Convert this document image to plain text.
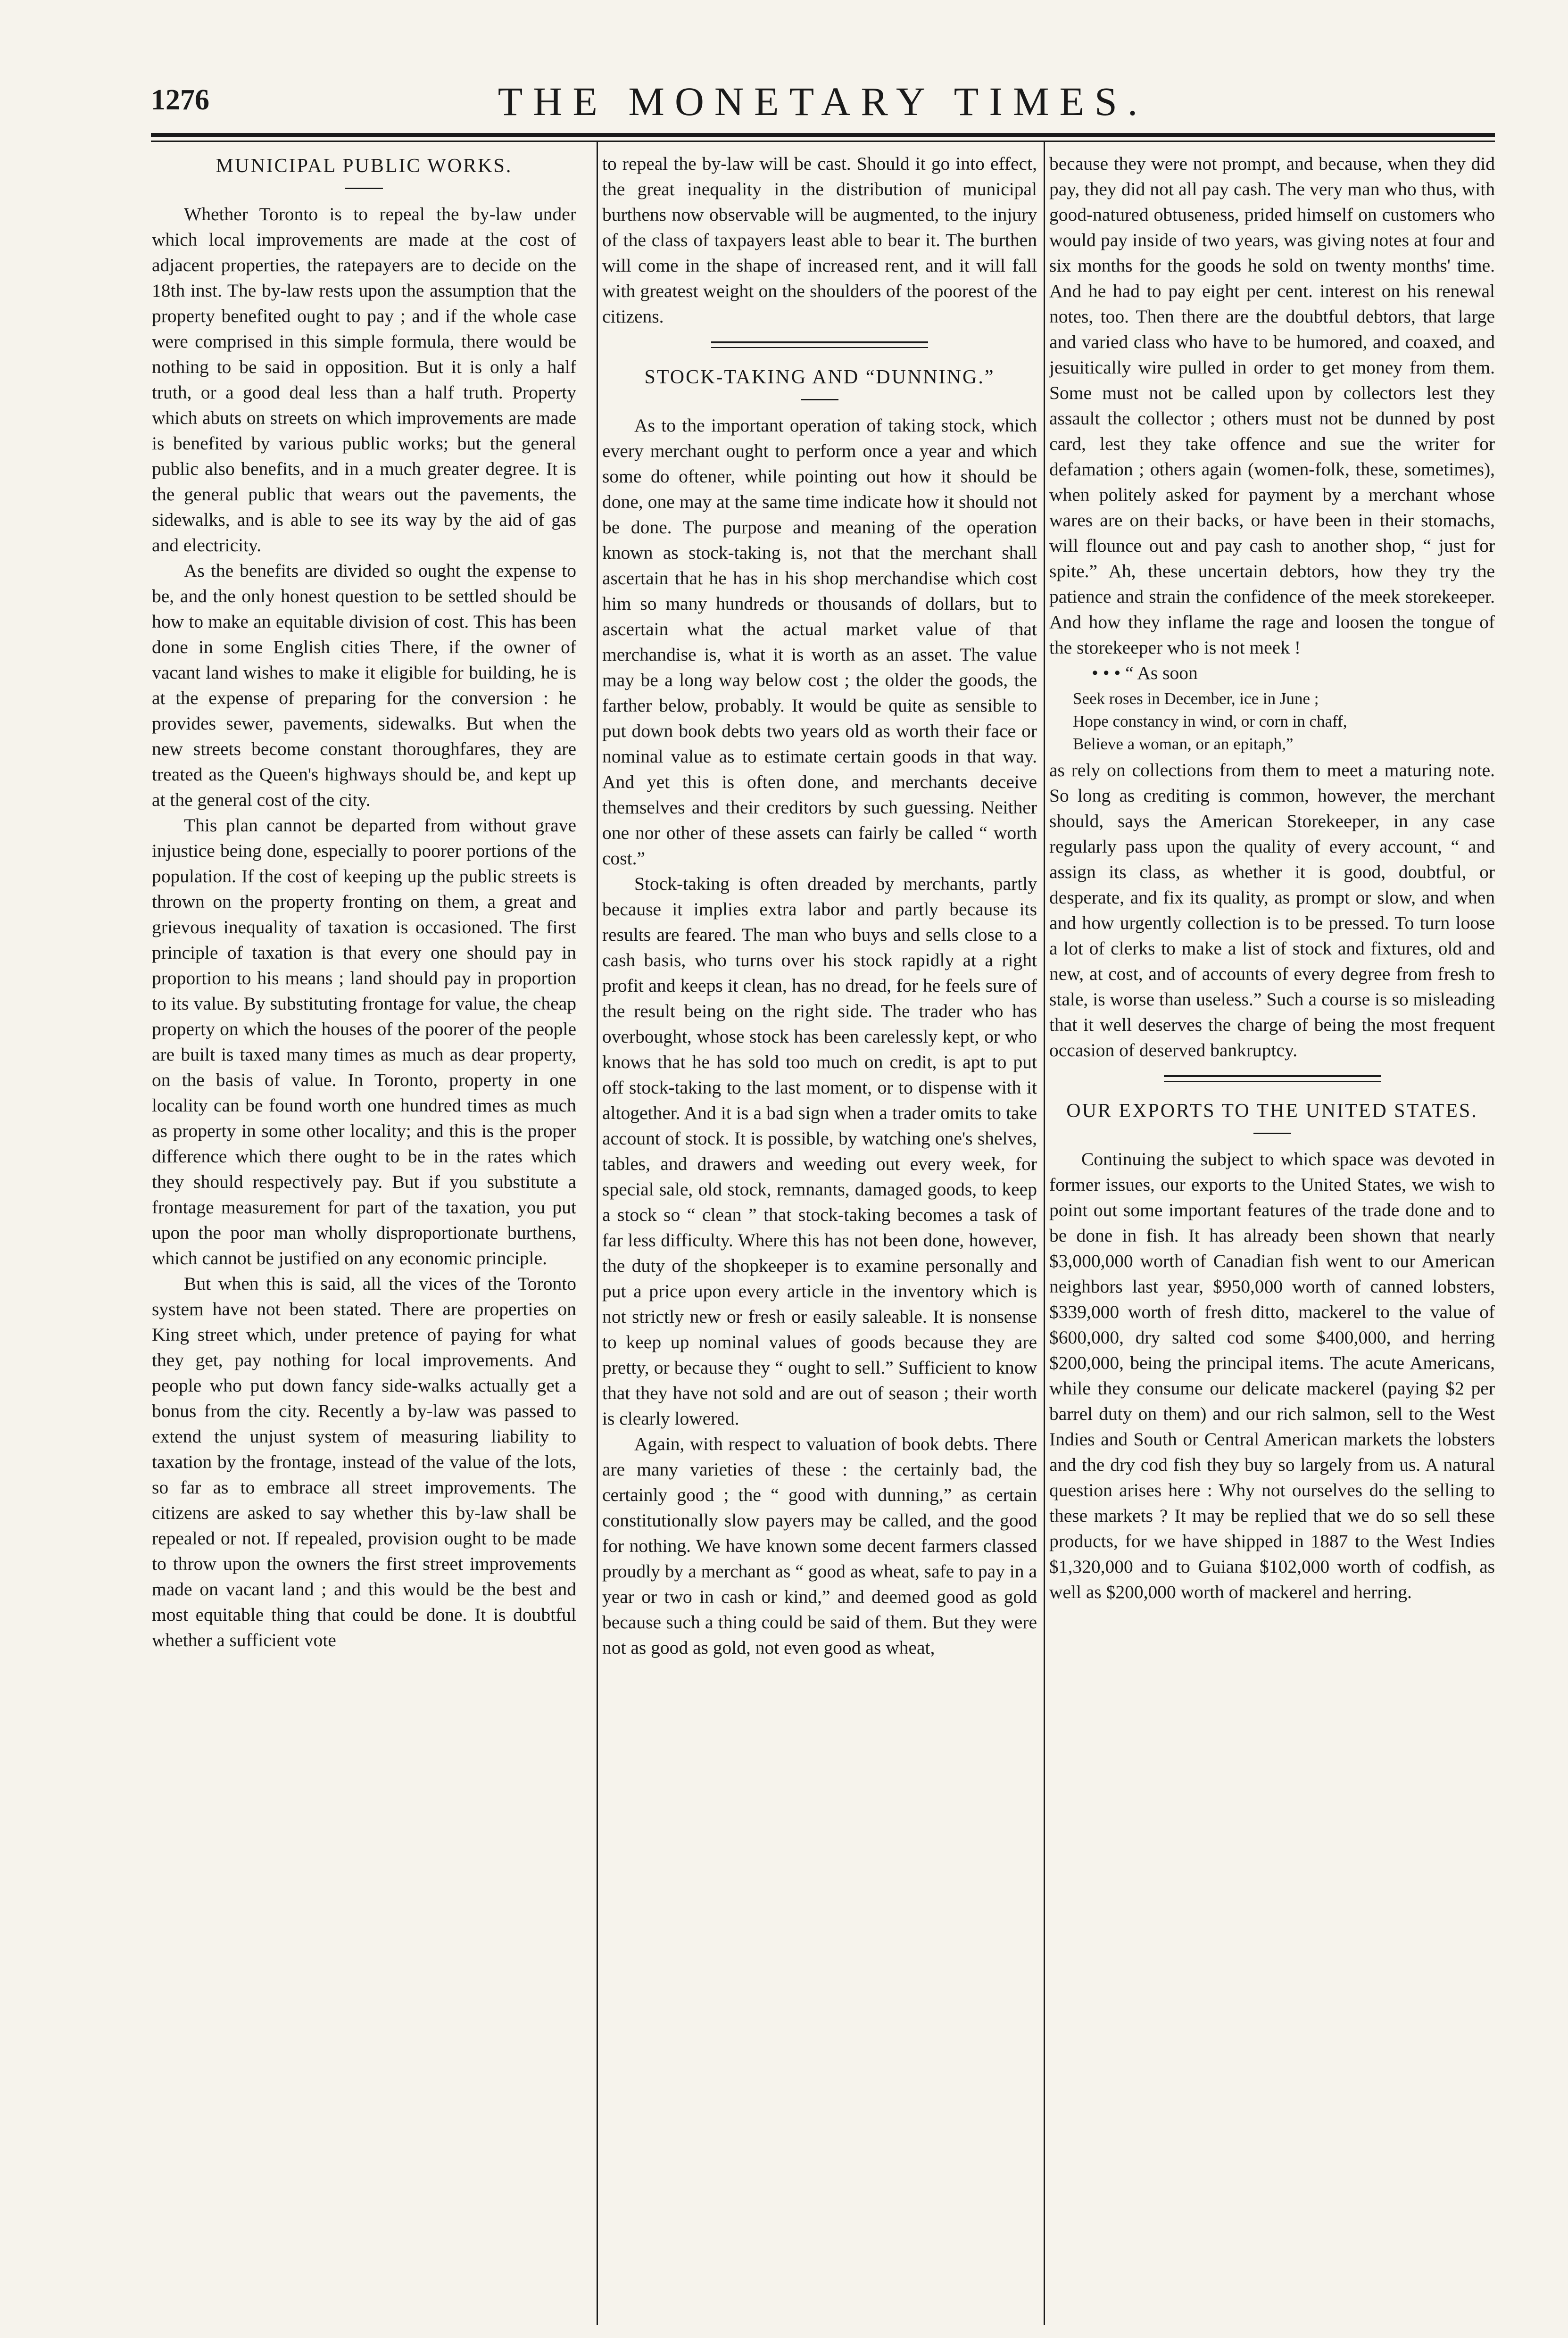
1276	THE MONETARY TIMES.
MUNICIPAL PUBLIC WORKS.

Whether Toronto is to repeal the by-law under which local improvements are made at the cost of adjacent properties, the ratepayers are to decide on the 18th inst. The by-law rests upon the assumption that the property benefited ought to pay ; and if the whole case were comprised in this simple formula, there would be nothing to be said in opposition. But it is only a half truth, or a good deal less than a half truth. Property which abuts on streets on which improvements are made is benefited by various public works; but the general public also benefits, and in a much greater degree. It is the general public that wears out the pavements, the sidewalks, and is able to see its way by the aid of gas and electricity.

As the benefits are divided so ought the expense to be, and the only honest question to be settled should be how to make an equitable division of cost. This has been done in some English cities There, if the owner of vacant land wishes to make it eligible for building, he is at the expense of preparing for the conversion : he provides sewer, pavements, sidewalks. But when the new streets become constant thoroughfares, they are treated as the Queen's highways should be, and kept up at the general cost of the city.

This plan cannot be departed from without grave injustice being done, especially to poorer portions of the population. If the cost of keeping up the public streets is thrown on the property fronting on them, a great and grievous inequality of taxation is occasioned. The first principle of taxation is that every one should pay in proportion to his means ; land should pay in proportion to its value. By substituting frontage for value, the cheap property on which the houses of the poorer of the people are built is taxed many times as much as dear property, on the basis of value. In Toronto, property in one locality can be found worth one hundred times as much as property in some other locality; and this is the proper difference which there ought to be in the rates which they should respectively pay. But if you substitute a frontage measurement for part of the taxation, you put upon the poor man wholly disproportionate burthens, which cannot be justified on any economic principle.

But when this is said, all the vices of the Toronto system have not been stated. There are properties on King street which, under pretence of paying for what they get, pay nothing for local improvements. And people who put down fancy side-walks actually get a bonus from the city. Recently a by-law was passed to extend the unjust system of measuring liability to taxation by the frontage, instead of the value of the lots, so far as to embrace all street improvements. The citizens are asked to say whether this by-law shall be repealed or not. If repealed, provision ought to be made to throw upon the owners the first street improvements made on vacant land ; and this would be the best and most equitable thing that could be done. It is doubtful whether a sufficient vote

to repeal the by-law will be cast. Should it go into effect, the great inequality in the distribution of municipal burthens now observable will be augmented, to the injury of the class of taxpayers least able to bear it. The burthen will come in the shape of increased rent, and it will fall with greatest weight on the shoulders of the poorest of the citizens.

STOCK-TAKING AND “DUNNING.”

As to the important operation of taking stock, which every merchant ought to perform once a year and which some do oftener, while pointing out how it should be done, one may at the same time indicate how it should not be done. The purpose and meaning of the operation known as stock-taking is, not that the merchant shall ascertain that he has in his shop merchandise which cost him so many hundreds or thousands of dollars, but to ascertain what the actual market value of that merchandise is, what it is worth as an asset. The value may be a long way below cost ; the older the goods, the farther below, probably. It would be quite as sensible to put down book debts two years old as worth their face or nominal value as to estimate certain goods in that way. And yet this is often done, and merchants deceive themselves and their creditors by such guessing. Neither one nor other of these assets can fairly be called “ worth cost.”

Stock-taking is often dreaded by merchants, partly because it implies extra labor and partly because its results are feared. The man who buys and sells close to a cash basis, who turns over his stock rapidly at a right profit and keeps it clean, has no dread, for he feels sure of the result being on the right side. The trader who has overbought, whose stock has been carelessly kept, or who knows that he has sold too much on credit, is apt to put off stock-taking to the last moment, or to dispense with it altogether. And it is a bad sign when a trader omits to take account of stock. It is possible, by watching one's shelves, tables, and drawers and weeding out every week, for special sale, old stock, remnants, damaged goods, to keep a stock so “ clean ” that stock-taking becomes a task of far less difficulty. Where this has not been done, however, the duty of the shopkeeper is to examine personally and put a price upon every article in the inventory which is not strictly new or fresh or easily saleable. It is nonsense to keep up nominal values of goods because they are pretty, or because they “ ought to sell.” Sufficient to know that they have not sold and are out of season ; their worth is clearly lowered.

Again, with respect to valuation of book debts. There are many varieties of these : the certainly bad, the certainly good ; the “ good with dunning,” as certain constitutionally slow payers may be called, and the good for nothing. We have known some decent farmers classed proudly by a merchant as “ good as wheat, safe to pay in a year or two in cash or kind,” and deemed good as gold because such a thing could be said of them. But they were not as good as gold, not even good as wheat,

because they were not prompt, and because, when they did pay, they did not all pay cash. The very man who thus, with good-natured obtuseness, prided himself on customers who would pay inside of two years, was giving notes at four and six months for the goods he sold on twenty months' time. And he had to pay eight per cent. interest on his renewal notes, too. Then there are the doubtful debtors, that large and varied class who have to be humored, and coaxed, and jesuitically wire pulled in order to get money from them. Some must not be called upon by collectors lest they assault the collector ; others must not be dunned by post card, lest they take offence and sue the writer for defamation ; others again (women-folk, these, sometimes), when politely asked for payment by a merchant whose wares are on their backs, or have been in their stomachs, will flounce out and pay cash to another shop, “ just for spite.” Ah, these uncertain debtors, how they try the patience and strain the confidence of the meek storekeeper. And how they inflame the rage and loosen the tongue of the storekeeper who is not meek !

• • • “ As soon
Seek roses in December, ice in June ;
Hope constancy in wind, or corn in chaff,
Believe a woman, or an epitaph,”

as rely on collections from them to meet a maturing note. So long as crediting is common, however, the merchant should, says the American Storekeeper, in any case regularly pass upon the quality of every account, “ and assign its class, as whether it is good, doubtful, or desperate, and fix its quality, as prompt or slow, and when and how urgently collection is to be pressed. To turn loose a lot of clerks to make a list of stock and fixtures, old and new, at cost, and of accounts of every degree from fresh to stale, is worse than useless.” Such a course is so misleading that it well deserves the charge of being the most frequent occasion of deserved bankruptcy.

OUR EXPORTS TO THE UNITED STATES.

Continuing the subject to which space was devoted in former issues, our exports to the United States, we wish to point out some important features of the trade done and to be done in fish. It has already been shown that nearly $3,000,000 worth of Canadian fish went to our American neighbors last year, $950,000 worth of canned lobsters, $339,000 worth of fresh ditto, mackerel to the value of $600,000, dry salted cod some $400,000, and herring $200,000, being the principal items. The acute Americans, while they consume our delicate mackerel (paying $2 per barrel duty on them) and our rich salmon, sell to the West Indies and South or Central American markets the lobsters and the dry cod fish they buy so largely from us. A natural question arises here : Why not ourselves do the selling to these markets ? It may be replied that we do so sell these products, for we have shipped in 1887 to the West Indies $1,320,000 and to Guiana $102,000 worth of codfish, as well as $200,000 worth of mackerel and herring.
